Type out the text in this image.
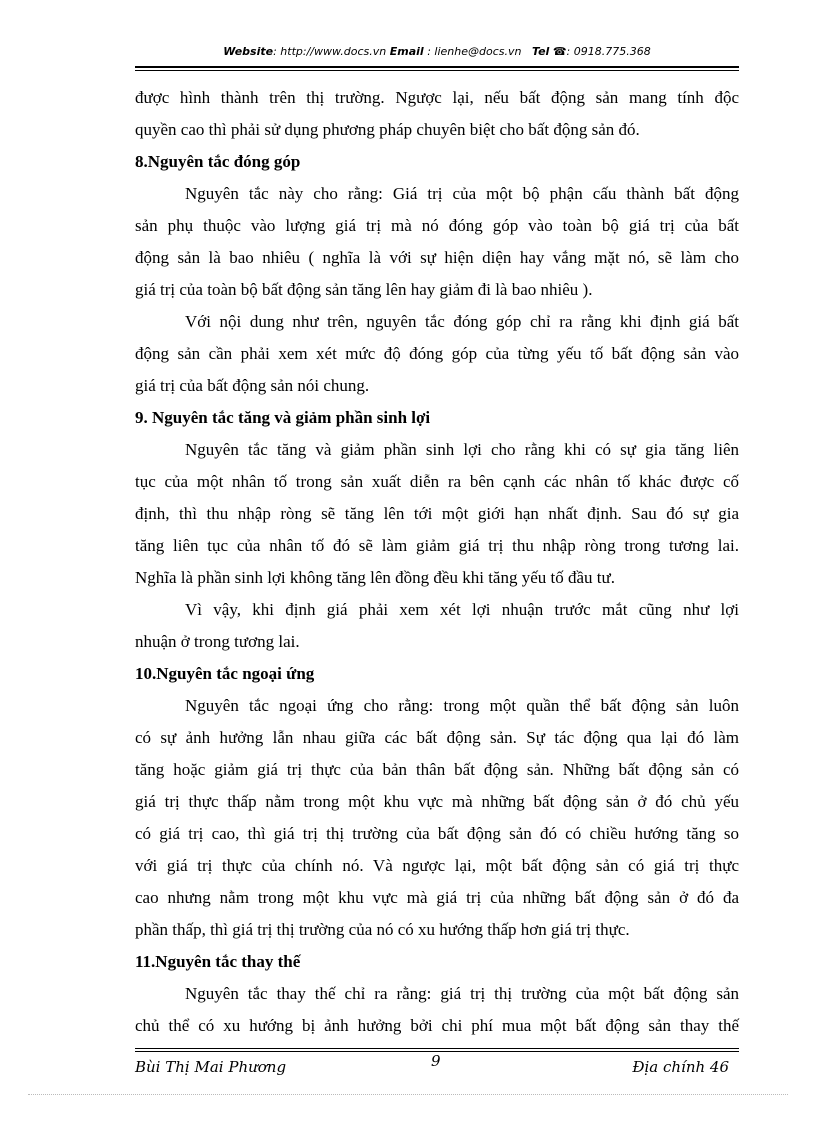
Website: http://www.docs.vn Email : lienhe@docs.vn Tel ☎: 0918.775.368
được hình thành trên thị trường. Ngược lại, nếu bất động sản mang tính độc
quyền cao thì phải sử dụng phương pháp chuyên biệt cho bất động sản đó.
8.Nguyên tắc đóng góp
Nguyên tắc này cho rằng: Giá trị của một bộ phận cấu thành bất động
sản phụ thuộc vào lượng giá trị mà nó đóng góp vào toàn bộ giá trị của bất
động sản là bao nhiêu ( nghĩa là với sự hiện diện hay vắng mặt nó, sẽ làm cho
giá trị của toàn bộ bất động sản tăng lên hay giảm đi là bao nhiêu ).
Với nội dung như trên, nguyên tắc đóng góp chỉ ra rằng khi định giá bất
động sản cần phải xem xét mức độ đóng góp của từng yếu tố bất động sản vào
giá trị của bất động sản nói chung.
9. Nguyên tắc tăng và giảm phần sinh lợi
Nguyên tắc tăng và giảm phần sinh lợi cho rằng khi có sự gia tăng liên
tục của một nhân tố trong sản xuất diễn ra bên cạnh các nhân tố khác được cố
định, thì thu nhập ròng sẽ tăng lên tới một giới hạn nhất định. Sau đó sự gia
tăng liên tục của nhân tố đó sẽ làm giảm giá trị thu nhập ròng trong tương lai.
Nghĩa là phần sinh lợi không tăng lên đồng đều khi tăng yếu tố đầu tư.
Vì vậy, khi định giá phải xem xét lợi nhuận trước mắt cũng như lợi
nhuận ở trong tương lai.
10.Nguyên tắc ngoại ứng
Nguyên tắc ngoại ứng cho rằng: trong một quần thể bất động sản luôn
có sự ảnh hưởng lẫn nhau giữa các bất động sản. Sự tác động qua lại đó làm
tăng hoặc giảm giá trị thực của bản thân bất động sản. Những bất động sản có
giá trị thực thấp nằm trong một khu vực mà những bất động sản ở đó chủ yếu
có giá trị cao, thì giá trị thị trường của bất động sản đó có chiều hướng tăng so
với giá trị thực của chính nó. Và ngược lại, một bất động sản có giá trị thực
cao nhưng nằm trong một khu vực mà giá trị của những bất động sản ở đó đa
phần thấp, thì giá trị thị trường của nó có xu hướng thấp hơn giá trị thực.
11.Nguyên tắc thay thế
Nguyên tắc thay thế chỉ ra rằng: giá trị thị trường của một bất động sản
chủ thể có xu hướng bị ảnh hưởng bởi chi phí mua một bất động sản thay thế
Bùi Thị Mai Phương	9	Địa chính 46
